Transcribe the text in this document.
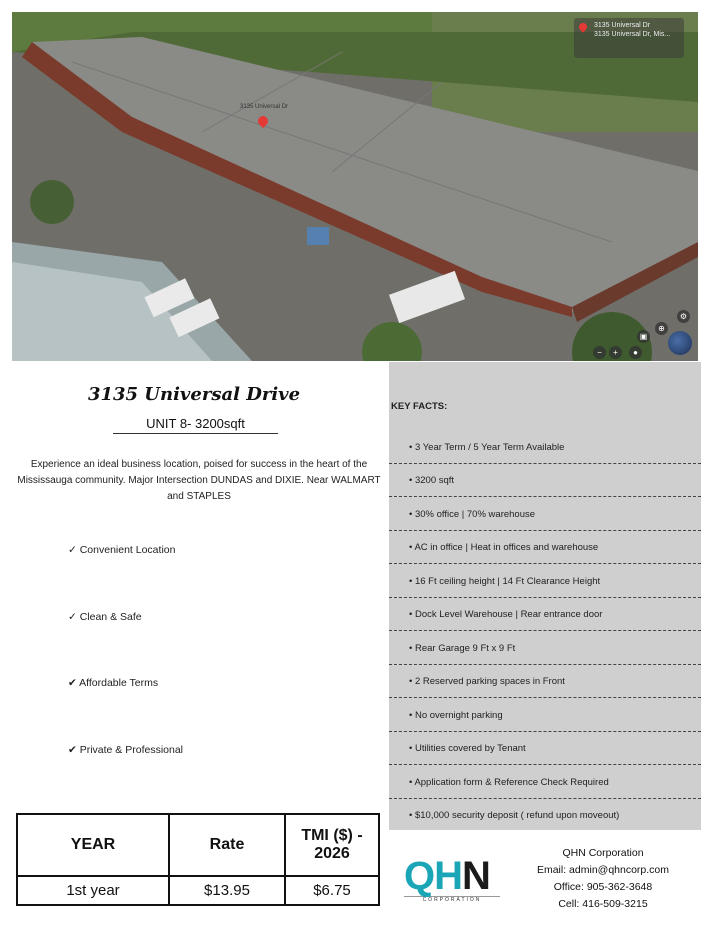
3135 Universal Dr
3135 Universal Dr, Mis...
3135 Universal Dr
⚙
⊕
▣
●
+
−
3135 Universal Drive
UNIT 8- 3200sqft
Experience an ideal business location, poised for success in the heart of the Mississauga community. Major Intersection DUNDAS and DIXIE. Near WALMART and STAPLES
✓ Convenient Location
✓ Clean & Safe
✔ Affordable Terms
✔ Private & Professional
KEY FACTS:
• 3 Year Term / 5 Year Term Available
• 3200 sqft
• 30% office | 70% warehouse
• AC in office | Heat in offices and warehouse
• 16 Ft ceiling height | 14 Ft Clearance Height
• Dock Level Warehouse | Rear entrance door
• Rear Garage 9 Ft x 9 Ft
• 2 Reserved parking spaces in Front
• No overnight parking
• Utilities covered by Tenant
• Application form & Reference Check Required
• $10,000 security deposit ( refund upon moveout)
YEAR	Rate	TMI ($) - 2026
1st year	$13.95	$6.75 QHN
CORPORATION
QHN Corporation
Email: admin@qhncorp.com
Office: 905-362-3648
Cell: 416-509-3215
